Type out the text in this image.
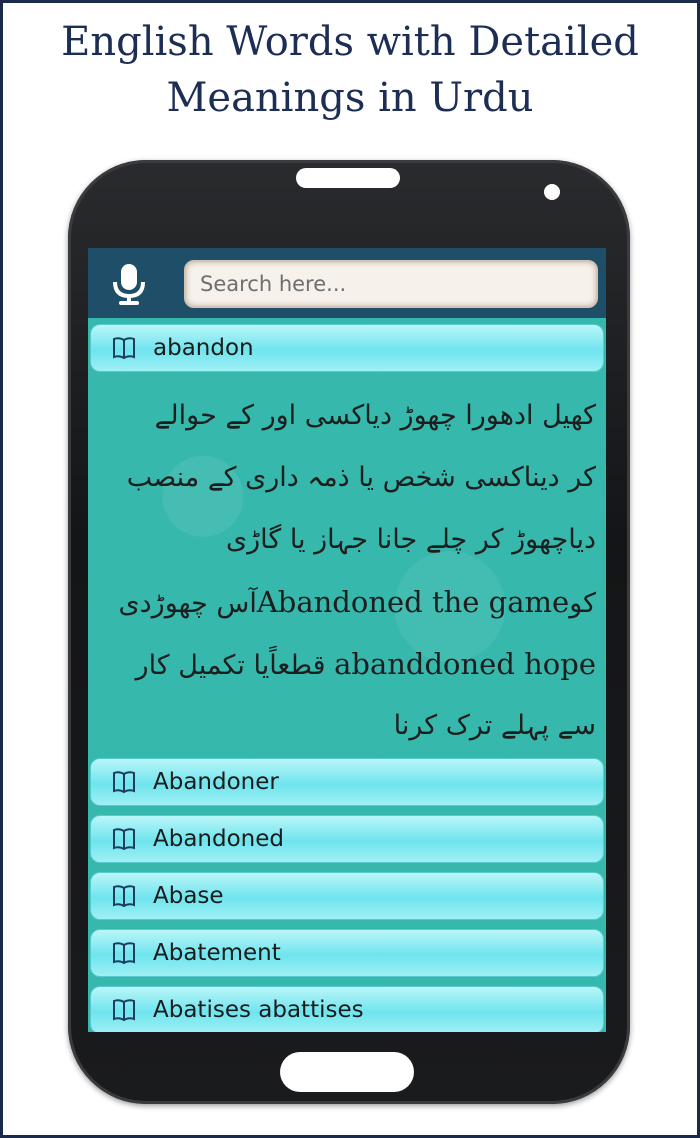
English Words with Detailed
Meanings in Urdu
Search here...
abandon
کھیل ادھورا چھوڑ دیاکسی اور کے حوالے
کر دیناکسی شخص یا ذمہ داری کے منصب
دیاچھوڑ کر چلے جانا جہاز یا گاڑی
کوAbandoned the gameآس چھوڑدی
abanddoned hope قطعاًیا تکمیل کار
سے پہلے ترک کرنا
Abandoner
Abandoned
Abase
Abatement
Abatises abattises
